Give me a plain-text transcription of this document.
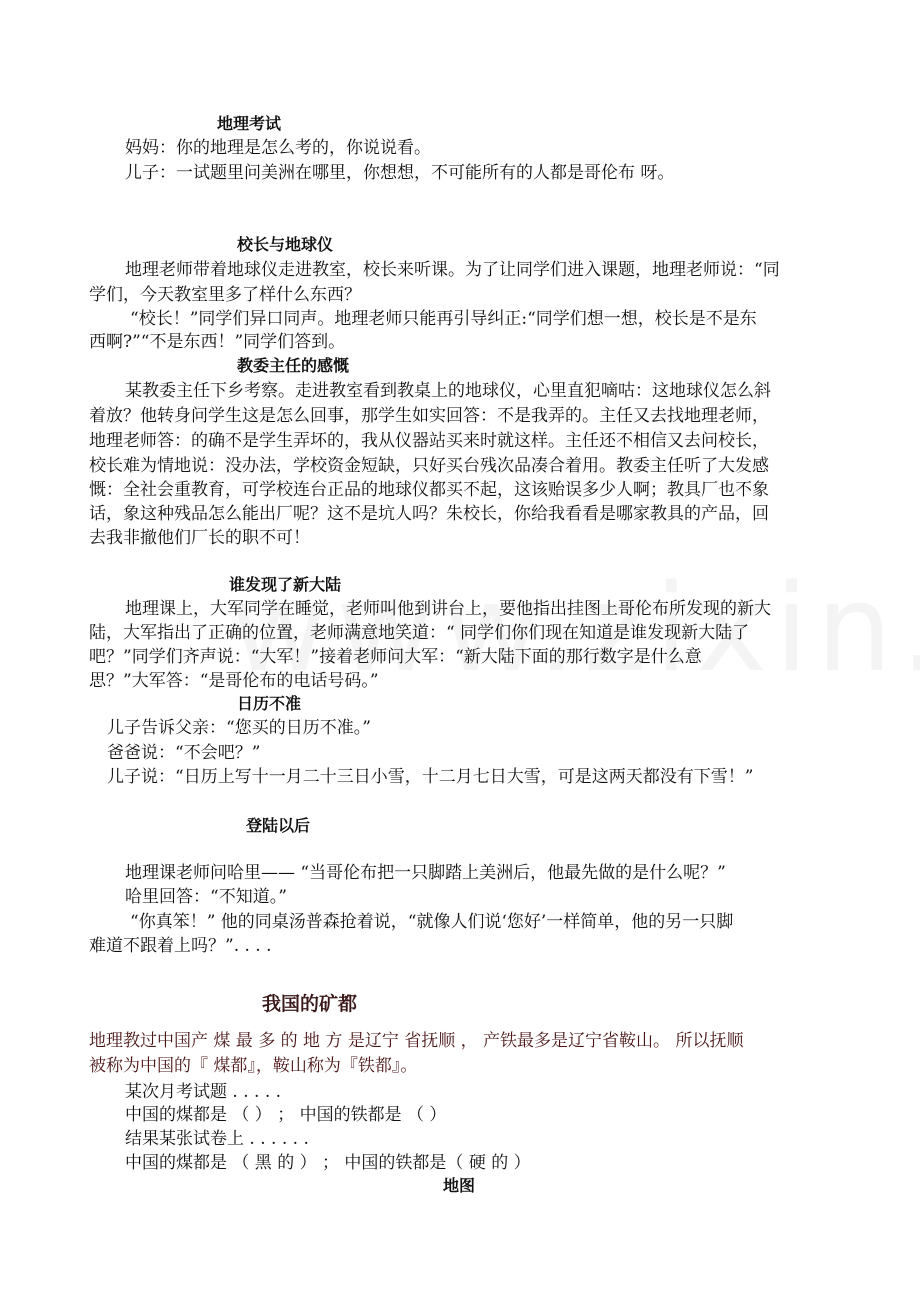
地理考试
妈妈：你的地理是怎么考的，你说说看。
儿子：一试题里问美洲在哪里，你想想，不可能所有的人都是哥伦布 呀。
校长与地球仪
地理老师带着地球仪走进教室，校长来听课。为了让同学们进入课题，地理老师说：“同
学们，今天教室里多了样什么东西？
“校长！”同学们异口同声。地理老师只能再引导纠正:“同学们想一想，校长是不是东
西啊?”“不是东西！”同学们答到。
教委主任的感慨
某教委主任下乡考察。走进教室看到教桌上的地球仪，心里直犯嘀咕：这地球仪怎么斜
着放？他转身问学生这是怎么回事，那学生如实回答：不是我弄的。主任又去找地理老师，
地理老师答：的确不是学生弄坏的，我从仪器站买来时就这样。主任还不相信又去问校长，
校长难为情地说：没办法，学校资金短缺，只好买台残次品凑合着用。教委主任听了大发感
慨：全社会重教育，可学校连台正品的地球仪都买不起，这该贻误多少人啊；教具厂也不象
话，象这种残品怎么能出厂呢？这不是坑人吗？朱校长，你给我看看是哪家教具的产品，回
去我非撤他们厂长的职不可！
谁发现了新大陆
地理课上，大军同学在睡觉，老师叫他到讲台上，要他指出挂图上哥伦布所发现的新大
陆，大军指出了正确的位置，老师满意地笑道：“ 同学们你们现在知道是谁发现新大陆了
吧？”同学们齐声说：“大军！”接着老师问大军：“新大陆下面的那行数字是什么意
思？”大军答：“是哥伦布的电话号码。”
日历不准
儿子告诉父亲：“您买的日历不准。”
爸爸说：“不会吧？”
儿子说：“日历上写十一月二十三日小雪，十二月七日大雪，可是这两天都没有下雪！”
登陆以后
地理课老师问哈里—— “当哥伦布把一只脚踏上美洲后，他最先做的是什么呢？”
哈里回答：“不知道。”
“你真笨！” 他的同桌汤普森抢着说，“就像人们说‘您好’一样简单，他的另一只脚
难道不跟着上吗？”. . . .
我国的矿都
地理教过中国产 煤 最 多 的 地 方 是辽宁 省抚顺 ， 产铁最多是辽宁省鞍山。 所以抚顺
被称为中国的『 煤都』，鞍山称为『铁都』。
某次月考试题 . . . . .
中国的煤都是 （ ） ； 中国的铁都是 （ ）
结果某张试卷上 . . . . . .
中国的煤都是 （ 黑 的 ） ； 中国的铁都是（ 硬 的 ）
地图
